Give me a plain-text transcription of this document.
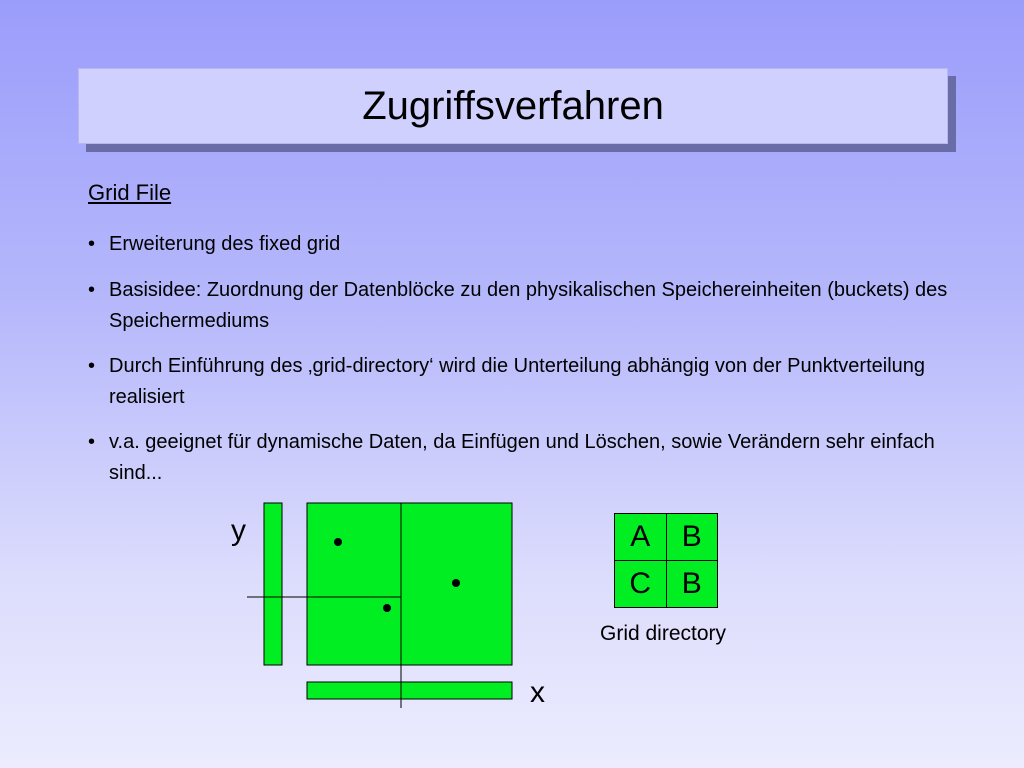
Zugriffsverfahren
Grid File
• Erweiterung des fixed grid
• Basisidee: Zuordnung der Datenblöcke zu den physikalischen Speichereinheiten (buckets) des Speichermediums
• Durch Einführung des ‚grid-directory‘ wird die Unterteilung abhängig von der Punktverteilung realisiert
• v.a. geeignet für dynamische Daten, da Einfügen und Löschen, sowie Verändern sehr einfach sind...
y
x
A	B
C	B
Grid directory
